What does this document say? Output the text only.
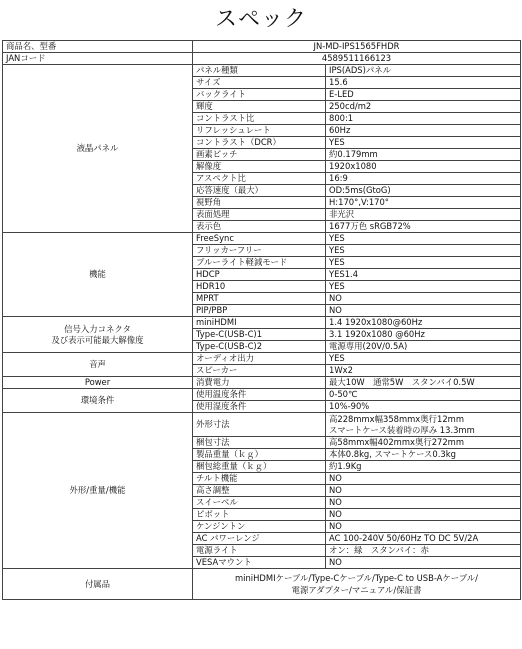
スペック
商品名、型番	JN-MD-IPS1565FHDR	
JANコード	4589511166123	
液晶パネル	パネル種類	IPS(ADS)パネル
	サイズ	15.6
	バックライト	E-LED
	輝度	250cd/m2
	コントラスト比	800:1
	リフレッシュレート	60Hz
	コントラスト（DCR）	YES
	画素ピッチ	約0.179mm
	解像度	1920x1080
	アスペクト比	16:9
	応答速度（最大）	OD:5ms(GtoG)
	視野角	H:170°,V:170°
	表面処理	非光沢
	表示色	1677万色 sRGB72%
機能	FreeSync	YES
	フリッカーフリー	YES
	ブルーライト軽減モード	YES
	HDCP	YES1.4
	HDR10	YES
	MPRT	NO
	PIP/PBP	NO
信号入力コネクタ
及び表示可能最大解像度	miniHDMI	1.4 1920x1080@60Hz
	Type-C(USB-C)1	3.1 1920x1080 @60Hz
	Type-C(USB-C)2	電源専用(20V/0.5A)
音声	オーディオ出力	YES
	スピーカー	1Wx2
Power	消費電力	最大10W　通常5W　スタンバイ0.5W
環境条件	使用温度条件	0-50℃
	使用湿度条件	10%-90%
外形/重量/機能	外形寸法	高228mmx幅358mmx奥行12mm
スマートケース装着時の厚み 13.3mm
	梱包寸法	高58mmx幅402mmx奥行272mm
	製品重量（ｋｇ）	本体0.8kg, スマートケース0.3kg
	梱包総重量（ｋｇ）	約1.9Kg
	チルト機能	NO
	高さ調整	NO
	スイーベル	NO
	ピボット	NO
	ケンジントン	NO
	AC パワーレンジ	AC 100-240V 50/60Hz TO DC 5V/2A
	電源ライト	オン：緑　スタンバイ：赤
	VESAマウント	NO
付属品	miniHDMIケーブル/Type-Cケーブル/Type-C to USB-Aケーブル/
電源アダプター/マニュアル/保証書	
